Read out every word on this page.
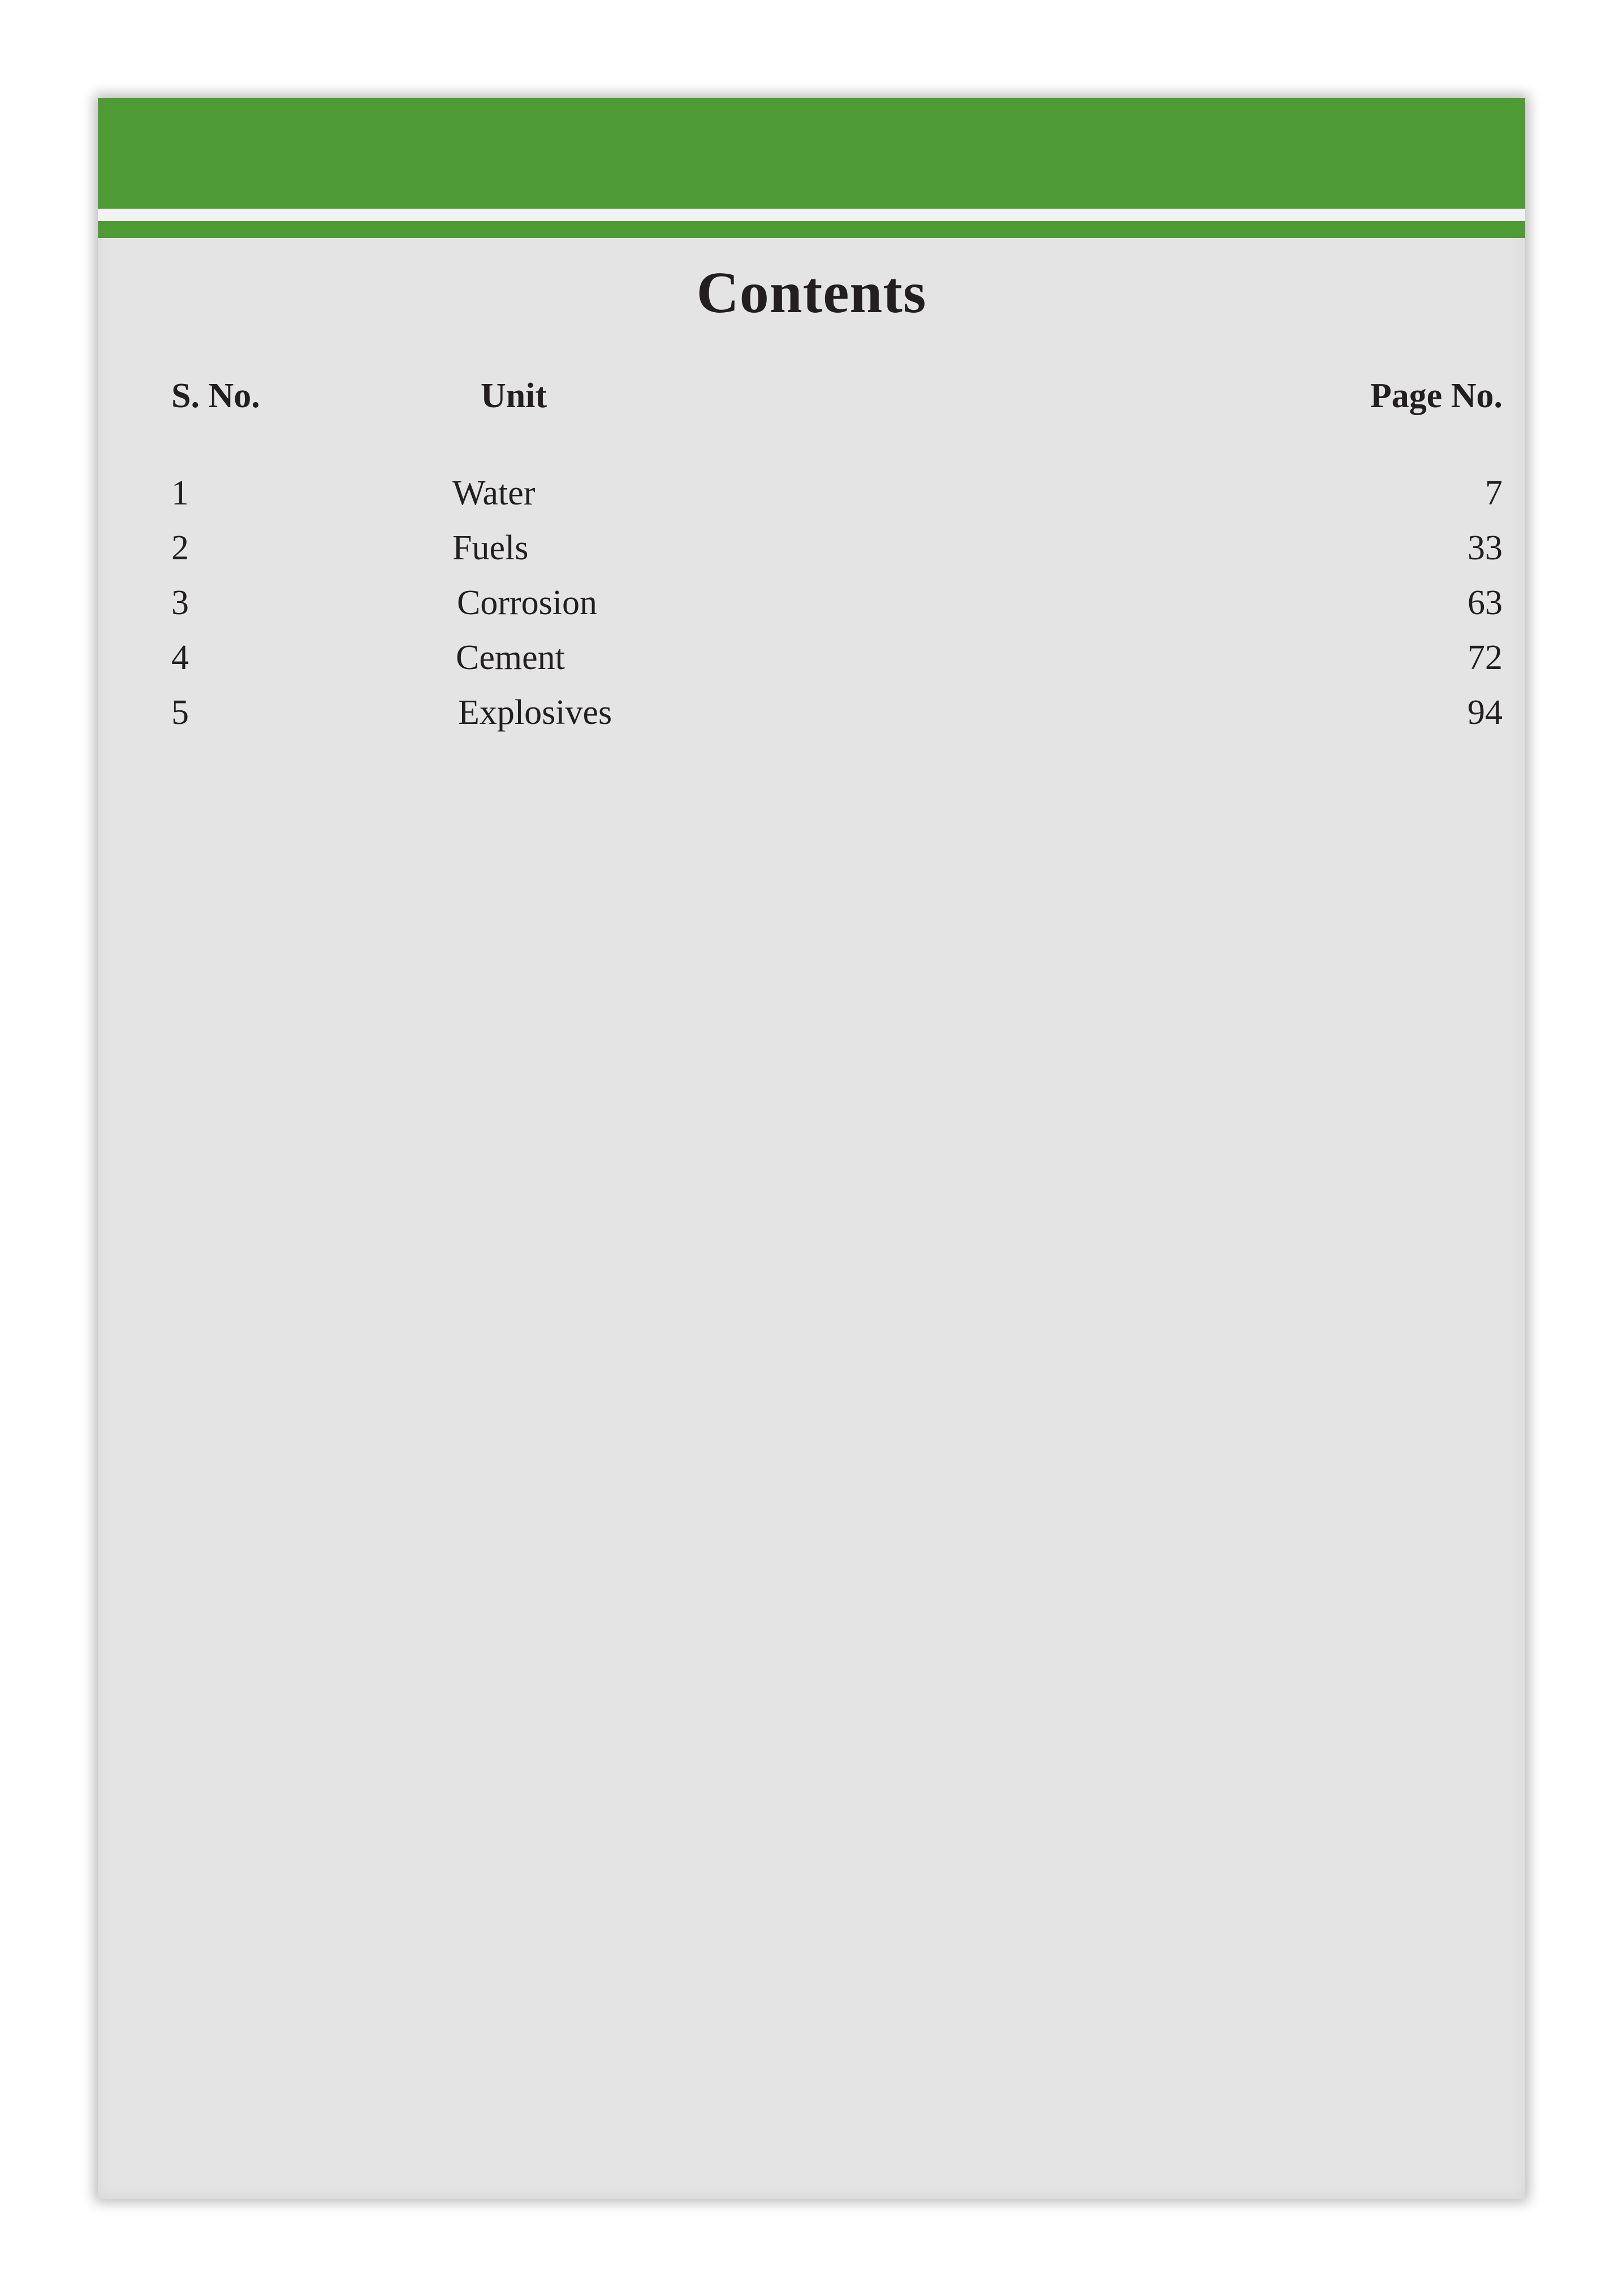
Contents
S. No.	Unit	Page No.
1	Water	7
2	Fuels	33
3	Corrosion	63
4	Cement	72
5	Explosives	94
